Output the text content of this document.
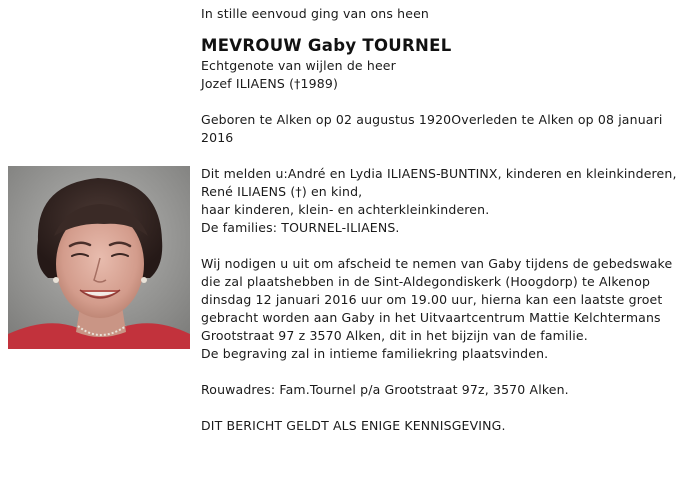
In stille eenvoud ging van ons heen
MEVROUW Gaby TOURNEL
Echtgenote van wijlen de heer
Jozef ILIAENS (†1989)
Geboren te Alken op 02 augustus 1920Overleden te Alken op 08 januari 2016
Dit melden u:André en Lydia ILIAENS-BUNTINX, kinderen en kleinkinderen,
René ILIAENS (†) en kind,
haar kinderen, klein- en achterkleinkinderen.
De families: TOURNEL-ILIAENS.
Wij nodigen u uit om afscheid te nemen van Gaby tijdens de gebedswake
die zal plaatshebben in de Sint-Aldegondiskerk (Hoogdorp) te Alkenop
dinsdag 12 januari 2016 uur om 19.00 uur, hierna kan een laatste groet
gebracht worden aan Gaby in het Uitvaartcentrum Mattie Kelchtermans
Grootstraat 97 z 3570 Alken, dit in het bijzijn van de familie.
De begraving zal in intieme familiekring plaatsvinden.
Rouwadres: Fam.Tournel p/a Grootstraat 97z, 3570 Alken.
DIT BERICHT GELDT ALS ENIGE KENNISGEVING.
